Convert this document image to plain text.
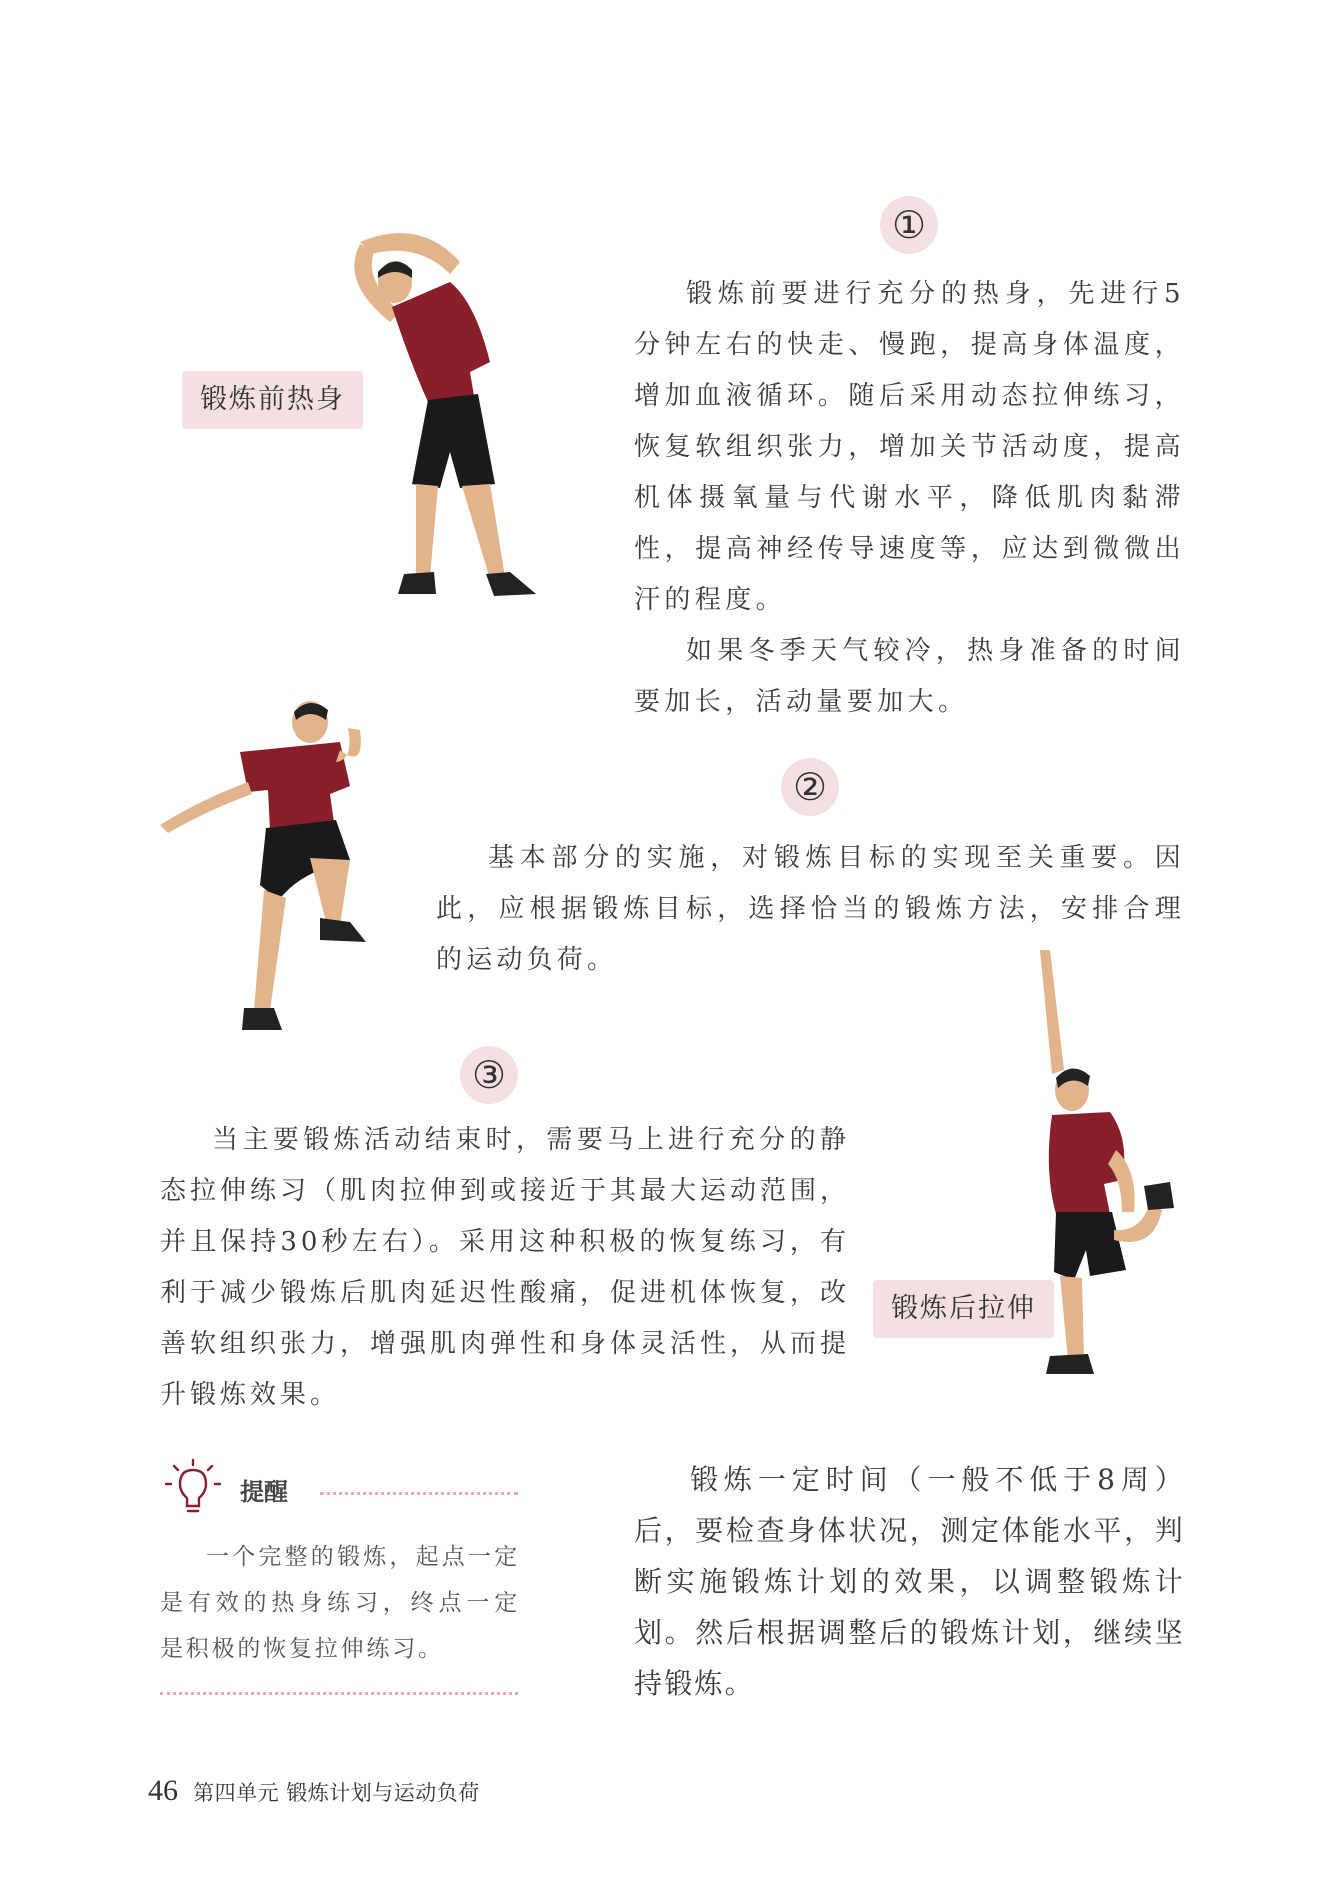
①
锻炼前热身

锻炼前要进行充分的热身，先进行5分钟左右的快走、慢跑，提高身体温度，增加血液循环。随后采用动态拉伸练习，恢复软组织张力，增加关节活动度，提高机体摄氧量与代谢水平，降低肌肉黏滞性，提高神经传导速度等，应达到微微出汗的程度。

如果冬季天气较冷，热身准备的时间要加长，活动量要加大。

②

基本部分的实施，对锻炼目标的实现至关重要。因此，应根据锻炼目标，选择恰当的锻炼方法，安排合理的运动负荷。

③

当主要锻炼活动结束时，需要马上进行充分的静态拉伸练习（肌肉拉伸到或接近于其最大运动范围，并且保持30秒左右）。采用这种积极的恢复练习，有利于减少锻炼后肌肉延迟性酸痛，促进机体恢复，改善软组织张力，增强肌肉弹性和身体灵活性，从而提升锻炼效果。

锻炼后拉伸
提醒

一个完整的锻炼，起点一定是有效的热身练习，终点一定是积极的恢复拉伸练习。

锻炼一定时间（一般不低于8周）后，要检查身体状况，测定体能水平，判断实施锻炼计划的效果，以调整锻炼计划。然后根据调整后的锻炼计划，继续坚持锻炼。

46 第四单元 锻炼计划与运动负荷
